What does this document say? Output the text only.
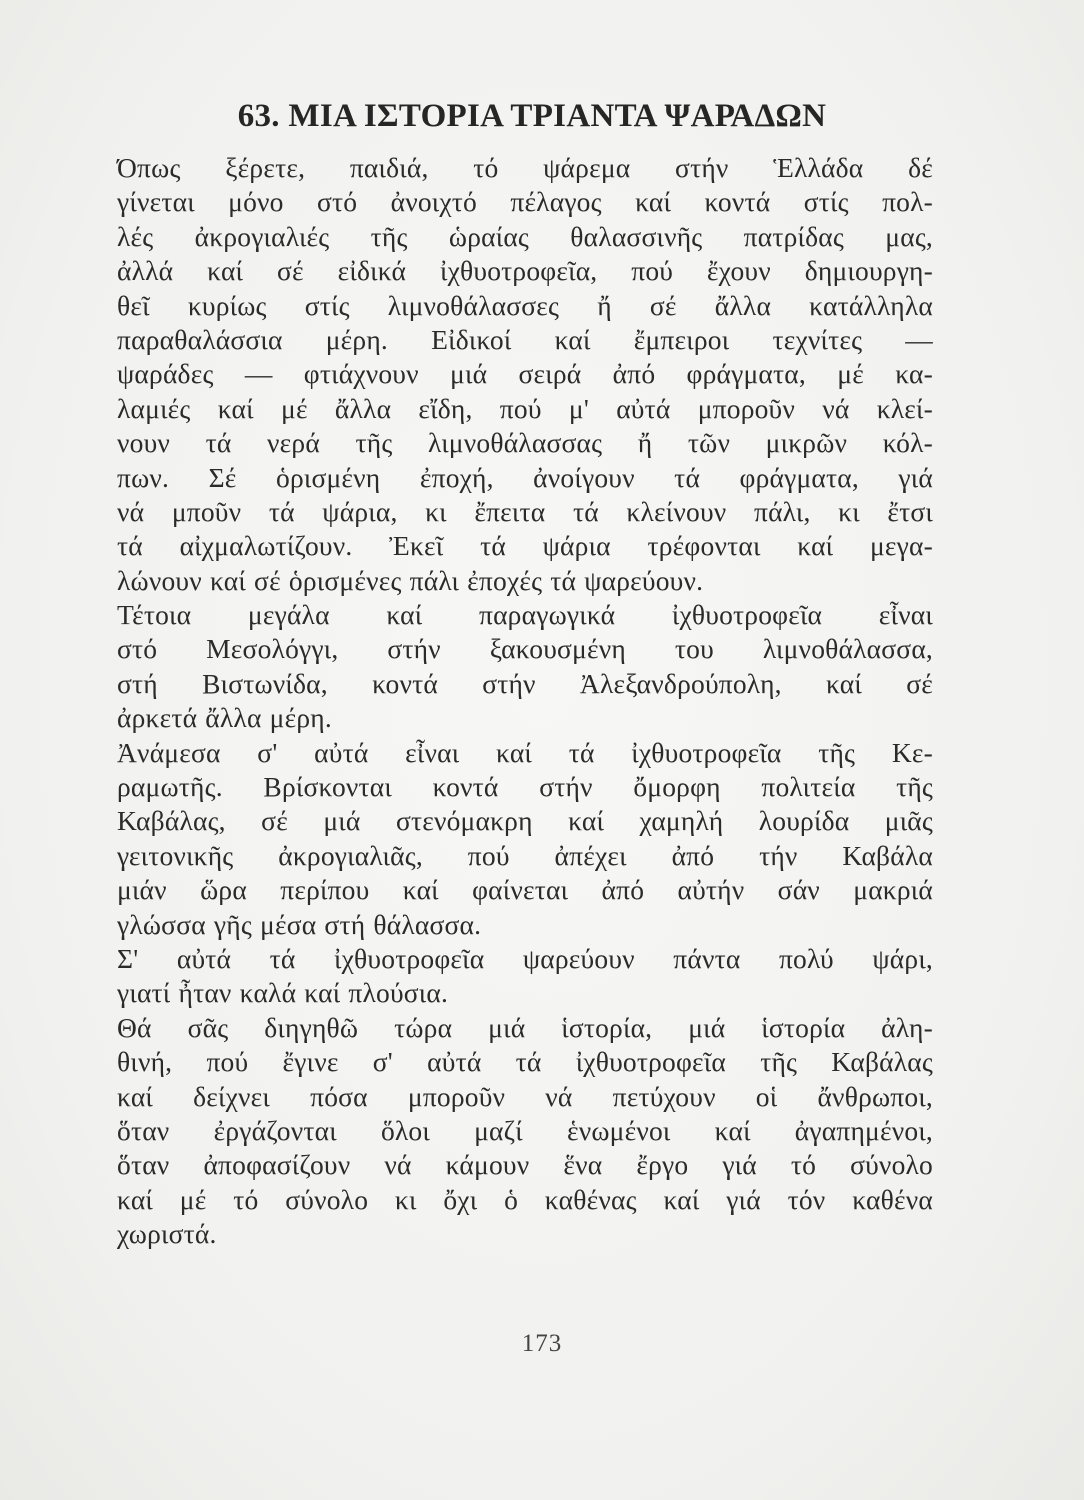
63. ΜΙΑ ΙΣΤΟΡΙΑ ΤΡΙΑΝΤΑ ΨΑΡΑΔΩΝ
Όπως ξέρετε, παιδιά, τό ψάρεμα στήν Ἑλλάδα δέ
γίνεται μόνο στό ἀνοιχτό πέλαγος καί κοντά στίς πολ-
λές ἀκρογιαλιές τῆς ὡραίας θαλασσινῆς πατρίδας μας,
ἀλλά καί σέ εἰδικά ἰχθυοτροφεῖα, πού ἔχουν δημιουργη-
θεῖ κυρίως στίς λιμνοθάλασσες ἤ σέ ἄλλα κατάλληλα
παραθαλάσσια μέρη. Εἰδικοί καί ἔμπειροι τεχνίτες —
ψαράδες — φτιάχνουν μιά σειρά ἀπό φράγματα, μέ κα-
λαμιές καί μέ ἄλλα εἴδη, πού μ' αὐτά μποροῦν νά κλεί-
νουν τά νερά τῆς λιμνοθάλασσας ἤ τῶν μικρῶν κόλ-
πων. Σέ ὁρισμένη ἐποχή, ἀνοίγουν τά φράγματα, γιά
νά μποῦν τά ψάρια, κι ἔπειτα τά κλείνουν πάλι, κι ἔτσι
τά αἰχμαλωτίζουν. Ἐκεῖ τά ψάρια τρέφονται καί μεγα-
λώνουν καί σέ ὁρισμένες πάλι ἐποχές τά ψαρεύουν.
Τέτοια μεγάλα καί παραγωγικά ἰχθυοτροφεῖα εἶναι
στό Μεσολόγγι, στήν ξακουσμένη του λιμνοθάλασσα,
στή Βιστωνίδα, κοντά στήν Ἀλεξανδρούπολη, καί σέ
ἀρκετά ἄλλα μέρη.
Ἀνάμεσα σ' αὐτά εἶναι καί τά ἰχθυοτροφεῖα τῆς Κε-
ραμωτῆς. Βρίσκονται κοντά στήν ὄμορφη πολιτεία τῆς
Καβάλας, σέ μιά στενόμακρη καί χαμηλή λουρίδα μιᾶς
γειτονικῆς ἀκρογιαλιᾶς, πού ἀπέχει ἀπό τήν Καβάλα
μιάν ὥρα περίπου καί φαίνεται ἀπό αὐτήν σάν μακριά
γλώσσα γῆς μέσα στή θάλασσα.
Σ' αὐτά τά ἰχθυοτροφεῖα ψαρεύουν πάντα πολύ ψάρι,
γιατί ἦταν καλά καί πλούσια.
Θά σᾶς διηγηθῶ τώρα μιά ἱστορία, μιά ἱστορία ἀλη-
θινή, πού ἔγινε σ' αὐτά τά ἰχθυοτροφεῖα τῆς Καβάλας
καί δείχνει πόσα μποροῦν νά πετύχουν οἱ ἄνθρωποι,
ὅταν ἐργάζονται ὅλοι μαζί ἑνωμένοι καί ἀγαπημένοι,
ὅταν ἀποφασίζουν νά κάμουν ἕνα ἔργο γιά τό σύνολο
καί μέ τό σύνολο κι ὄχι ὁ καθένας καί γιά τόν καθένα
χωριστά.
173
